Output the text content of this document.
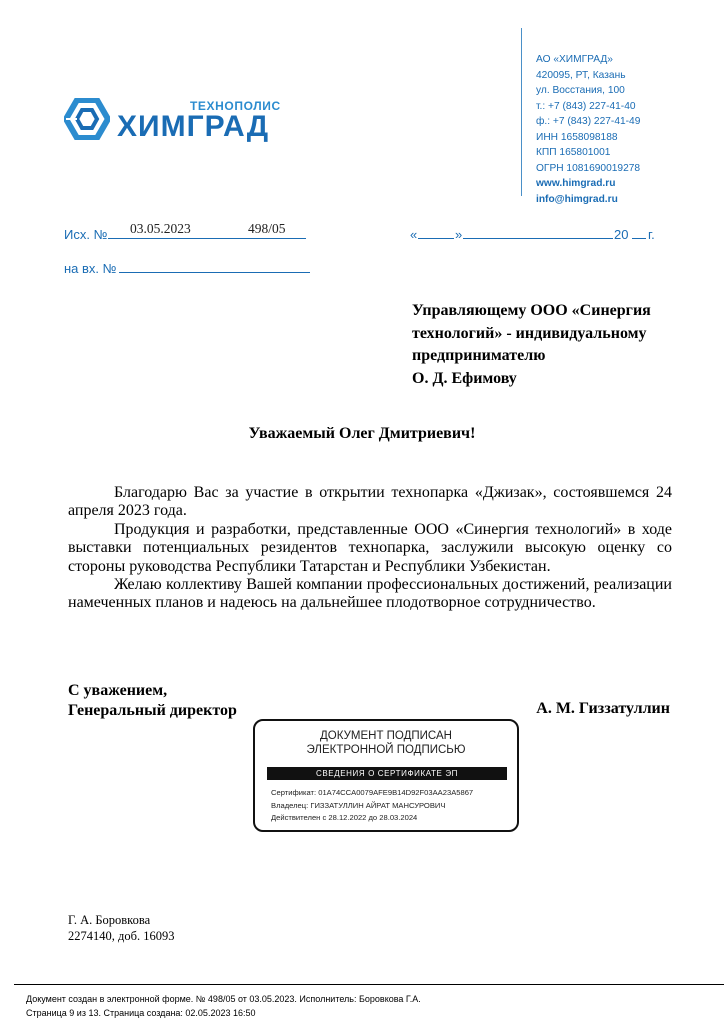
ТЕХНОПОЛИС
ХИМГРАД
АО «ХИМГРАД»
420095, РТ, Казань
ул. Восстания, 100
т.: +7 (843) 227-41-40
ф.: +7 (843) 227-41-49
ИНН 1658098188
КПП 165801001
ОГРН 1081690019278
www.himgrad.ru
info@himgrad.ru
Исх. № 03.05.2023	498/05	«	»	20 г.
на вх. №
Управляющему ООО «Синергия
технологий» - индивидуальному
предпринимателю
О. Д. Ефимову
Уважаемый Олег Дмитриевич!

Благодарю Вас за участие в открытии технопарка «Джизак», состоявшемся 24 апреля 2023 года.

Продукция и разработки, представленные ООО «Синергия технологий» в ходе выставки потенциальных резидентов технопарка, заслужили высокую оценку со стороны руководства Республики Татарстан и Республики Узбекистан.

Желаю коллективу Вашей компании профессиональных достижений, реализации намеченных планов и надеюсь на дальнейшее плодотворное сотрудничество.

С уважением,
Генеральный директор	А. М. Гиззатуллин
ДОКУМЕНТ ПОДПИСАН
ЭЛЕКТРОННОЙ ПОДПИСЬЮ
СВЕДЕНИЯ О СЕРТИФИКАТЕ ЭП
Сертификат: 01A74CCA0079AFE9B14D92F03AA23A5867
Владелец: ГИЗЗАТУЛЛИН АЙРАТ МАНСУРОВИЧ
Действителен с 28.12.2022 до 28.03.2024
Г. А. Боровкова
2274140, доб. 16093
Документ создан в электронной форме. № 498/05 от 03.05.2023. Исполнитель: Боровкова Г.А.
Страница 9 из 13. Страница создана: 02.05.2023 16:50
